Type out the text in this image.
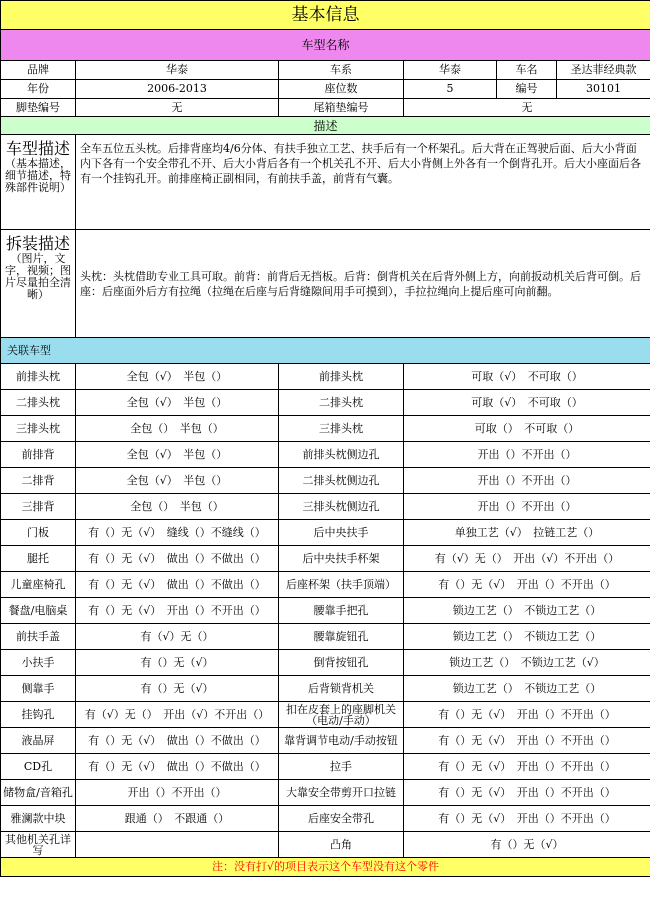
基本信息					
车型名称					
品牌	华泰	车系	华泰	车名	圣达菲经典款
年份	2006-2013	座位数	5	编号	30101
脚垫编号	无	尾箱垫编号	无		
描述					
车型描述
（基本描述，细节描述，特殊部件说明）	全车五位五头枕。后排背座均4/6分体、有扶手独立工艺、扶手后有一个杯架孔。后大背在正驾驶后面、后大小背面内下各有一个安全带孔不开、后大小背后各有一个机关孔不开、后大小背侧上外各有一个倒背孔开。后大小座面后各有一个挂钩孔开。前排座椅正副相同，有前扶手盖，前背有气囊。				
拆装描述
（图片，文字，视频；图片尽量拍全清晰）	头枕：头枕借助专业工具可取。前背：前背后无挡板。后背：倒背机关在后背外侧上方，向前扳动机关后背可倒。后座：后座面外后方有拉绳（拉绳在后座与后背缝隙间用手可摸到），手拉拉绳向上提后座可向前翻。				
关联车型					
前排头枕	全包（√）　半包（）	前排头枕	可取（√）　不可取（）		
二排头枕	全包（√）　半包（）	二排头枕	可取（√）　不可取（）		
三排头枕	全包（）　半包（）	三排头枕	可取（）　不可取（）		
前排背	全包（√）　半包（）	前排头枕侧边孔	开出（）不开出（）		
二排背	全包（√）　半包（）	二排头枕侧边孔	开出（）不开出（）		
三排背	全包（）　半包（）	三排头枕侧边孔	开出（）不开出（）		
门板	有（）无（√）　缝线（）不缝线（）	后中央扶手	单独工艺（√）　拉链工艺（）		
腿托	有（）无（√）　做出（）不做出（）	后中央扶手杯架	有（√）无（）　开出（√）不开出（）		
儿童座椅孔	有（）无（√）　做出（）不做出（）	后座杯架（扶手顶端）	有（）无（√）　开出（）不开出（）		
餐盘/电脑桌	有（）无（√）　开出（）不开出（）	腰靠手把孔	锁边工艺（）　不锁边工艺（）		
前扶手盖	有（√）无（）	腰靠旋钮孔	锁边工艺（）　不锁边工艺（）		
小扶手	有（）无（√）	倒背按钮孔	锁边工艺（）　不锁边工艺（√）		
侧靠手	有（）无（√）	后背锁背机关	锁边工艺（）　不锁边工艺（）		
挂钩孔	有（√）无（）　开出（√）不开出（）	扣在皮套上的座脚机关（电动/手动）	有（）无（√）　开出（）不开出（）		
液晶屏	有（）无（√）　做出（）不做出（）	靠背调节电动/手动按钮	有（）无（√）　开出（）不开出（）		
CD孔	有（）无（√）　做出（）不做出（）	拉手	有（）无（√）　开出（）不开出（）		
储物盒/音箱孔	开出（）不开出（）	大靠安全带剪开口拉链	有（）无（√）　开出（）不开出（）		
雅澜款中块	跟通（）　不跟通（）	后座安全带孔	有（）无（√）　开出（）不开出（）		
其他机关孔详写		凸角	有（）无（√）		
注：没有打√的项目表示这个车型没有这个零件					
